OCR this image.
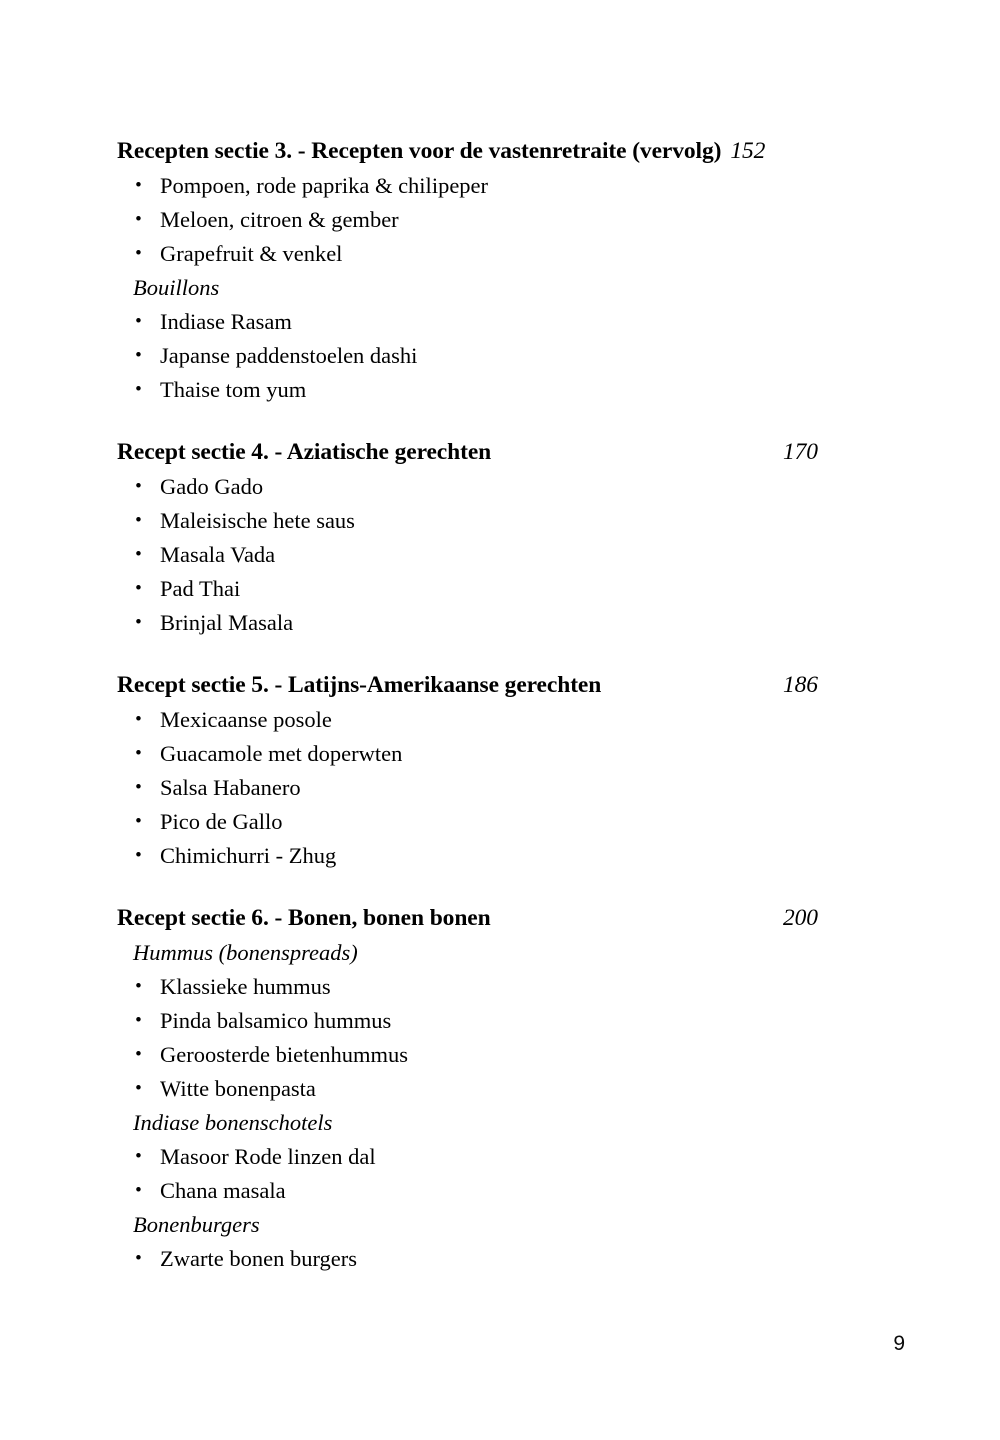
Recepten sectie 3. - Recepten voor de vastenretraite (vervolg) 152
• Pompoen, rode paprika & chilipeper
• Meloen, citroen & gember
• Grapefruit & venkel
Bouillons
• Indiase Rasam
• Japanse paddenstoelen dashi
• Thaise tom yum
Recept sectie 4. - Aziatische gerechten	170
• Gado Gado
• Maleisische hete saus
• Masala Vada
• Pad Thai
• Brinjal Masala
Recept sectie 5. - Latijns-Amerikaanse gerechten	186
• Mexicaanse posole
• Guacamole met doperwten
• Salsa Habanero
• Pico de Gallo
• Chimichurri - Zhug
Recept sectie 6. - Bonen, bonen bonen	200
Hummus (bonenspreads)
• Klassieke hummus
• Pinda balsamico hummus
• Geroosterde bietenhummus
• Witte bonenpasta
Indiase bonenschotels
• Masoor Rode linzen dal
• Chana masala
Bonenburgers
• Zwarte bonen burgers
9
